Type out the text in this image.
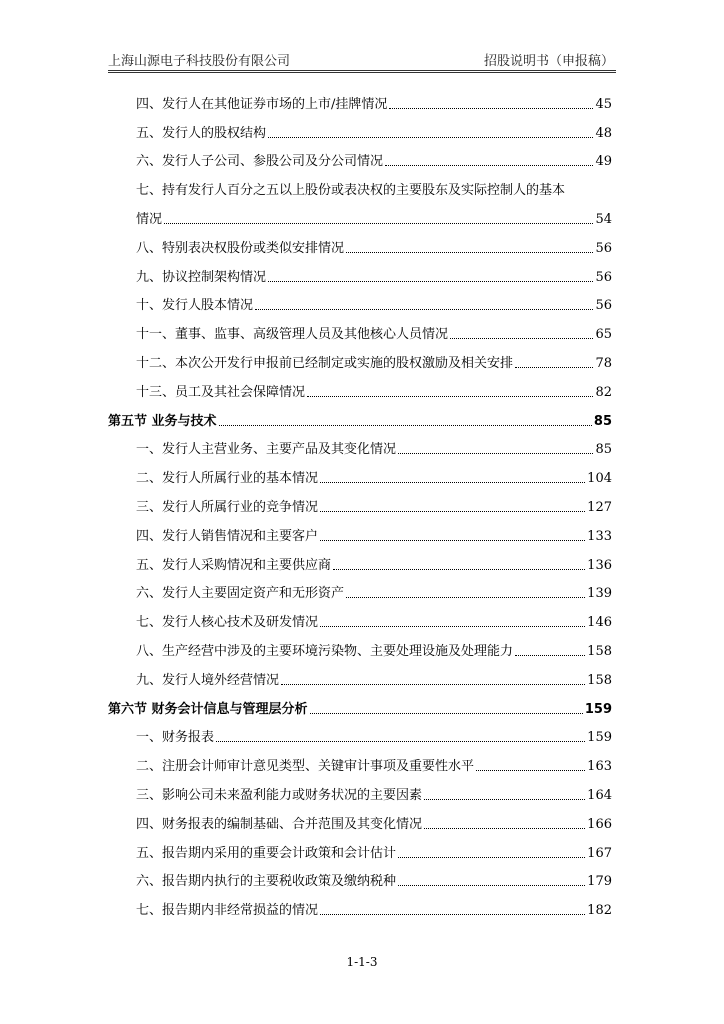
上海山源电子科技股份有限公司	招股说明书（申报稿）
四、发行人在其他证券市场的上市/挂牌情况	45
五、发行人的股权结构	48
六、发行人子公司、参股公司及分公司情况	49
七、持有发行人百分之五以上股份或表决权的主要股东及实际控制人的基本
情况	54
八、特别表决权股份或类似安排情况	56
九、协议控制架构情况	56
十、发行人股本情况	56
十一、董事、监事、高级管理人员及其他核心人员情况	65
十二、本次公开发行申报前已经制定或实施的股权激励及相关安排	78
十三、员工及其社会保障情况	82
第五节 业务与技术	85
一、发行人主营业务、主要产品及其变化情况	85
二、发行人所属行业的基本情况	104
三、发行人所属行业的竞争情况	127
四、发行人销售情况和主要客户	133
五、发行人采购情况和主要供应商	136
六、发行人主要固定资产和无形资产	139
七、发行人核心技术及研发情况	146
八、生产经营中涉及的主要环境污染物、主要处理设施及处理能力	158
九、发行人境外经营情况	158
第六节 财务会计信息与管理层分析	159
一、财务报表	159
二、注册会计师审计意见类型、关键审计事项及重要性水平	163
三、影响公司未来盈利能力或财务状况的主要因素	164
四、财务报表的编制基础、合并范围及其变化情况	166
五、报告期内采用的重要会计政策和会计估计	167
六、报告期内执行的主要税收政策及缴纳税种	179
七、报告期内非经常损益的情况	182
1-1-3
